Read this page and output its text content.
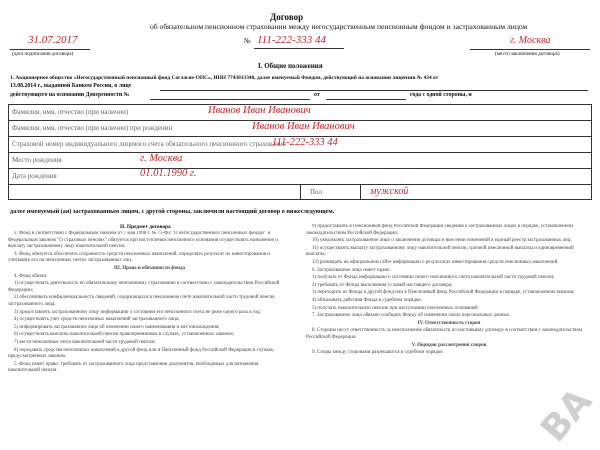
Договор
об обязательном пенсионном страховании между негосударственным пенсионным фондом и застрахованным лицом
31.07.2017
(дата подписания договора)
№ 111-222-333 44	г. Москва
(место заключения договора)
I. Общие положения
1. Акционерное общество «Негосударственный пенсионный фонд Согласие-ОПС», ИНН 7743013348, далее именуемый Фондом, действующий на основании лицензии № 434 от
13.08.2014 г., выданной Банком России, в лице
действующего на основании Доверенности №	от	года с одной стороны, и
Фамилия, имя, отчество (при наличии)	Иванов Иван Иванович
Фамилия, имя, отчество (при наличии) при рождении	Иванов Иван Иванович
Страховой номер индивидуального лицевого счета обязательного пенсионного страхования
111-222-333 44
Место рождения	г. Москва
Дата рождения	01.01.1990 г.
Пол	мужской
далее именуемый (ая) застрахованным лицом, с другой стороны, заключили настоящий договор о нижеследующем.
II. Предмет договора

2. Фонд в соответствии с Федеральным законом от 7 мая 1998 г. № 75-ФЗ "О негосударственных пенсионных фондах" и Федеральным законом "О страховых пенсиях" обязуется при наступлении пенсионного основания осуществлять назначение и выплату застрахованному лицу накопительной пенсии.

3. Фонд обязуется обеспечить сохранность средств пенсионных накоплений, определять результат их инвестирования и учитывать его на пенсионных счетах застрахованных лиц.

III. Права и обязанности фонда

4. Фонд обязан:

1) осуществлять деятельность по обязательному пенсионному страхованию в соответствии с законодательством Российской Федерации;

2) обеспечивать конфиденциальность сведений, содержащихся в пенсионном счете накопительной части трудовой пенсии застрахованного лица;

3) предоставлять застрахованному лицу информацию о состоянии его пенсионного счета не реже одного раза в год;

4) осуществлять учет средств пенсионных накоплений застрахованного лица;

5) информировать застрахованное лицо об изменении своего наименования и местонахождения;

6) осуществлять выплаты накопительной пенсии правопреемникам в случаях, установленных законом;

7) вести пенсионные счета накопительной части трудовой пенсии;

8) передавать средства пенсионных накоплений в другой фонд или в Пенсионный фонд Российской Федерации в случаях, предусмотренных законом.

5. Фонд имеет право: требовать от застрахованного лица представления документов, необходимых для назначения накопительной пенсии.

9) предоставлять в Пенсионный фонд Российской Федерации сведения о застрахованных лицах в порядке, установленном законодательством Российской Федерации;

10) уведомлять застрахованное лицо о заключении договора и внесении изменений в единый реестр застрахованных лиц;

11) осуществлять выплату застрахованному лицу накопительной пенсии, срочной пенсионной выплаты и единовременной выплаты;

12) размещать на официальном сайте информацию о результатах инвестирования средств пенсионных накоплений.

6. Застрахованное лицо имеет право:

1) получать от Фонда информацию о состоянии своего пенсионного счета накопительной части трудовой пенсии;

2) требовать от Фонда выполнения условий настоящего договора;

3) переходить из Фонда в другой фонд или в Пенсионный фонд Российской Федерации в порядке, установленном законом;

4) обжаловать действия Фонда в судебном порядке;

5) получать накопительную пенсию при наступлении пенсионных оснований.

7. Застрахованное лицо обязано сообщать Фонду об изменении своих персональных данных.

IV. Ответственность сторон

8. Стороны несут ответственность за неисполнение обязательств по настоящему договору в соответствии с законодательством Российской Федерации.

V. Порядок рассмотрения споров

9. Споры между сторонами разрешаются в судебном порядке.

ВА
